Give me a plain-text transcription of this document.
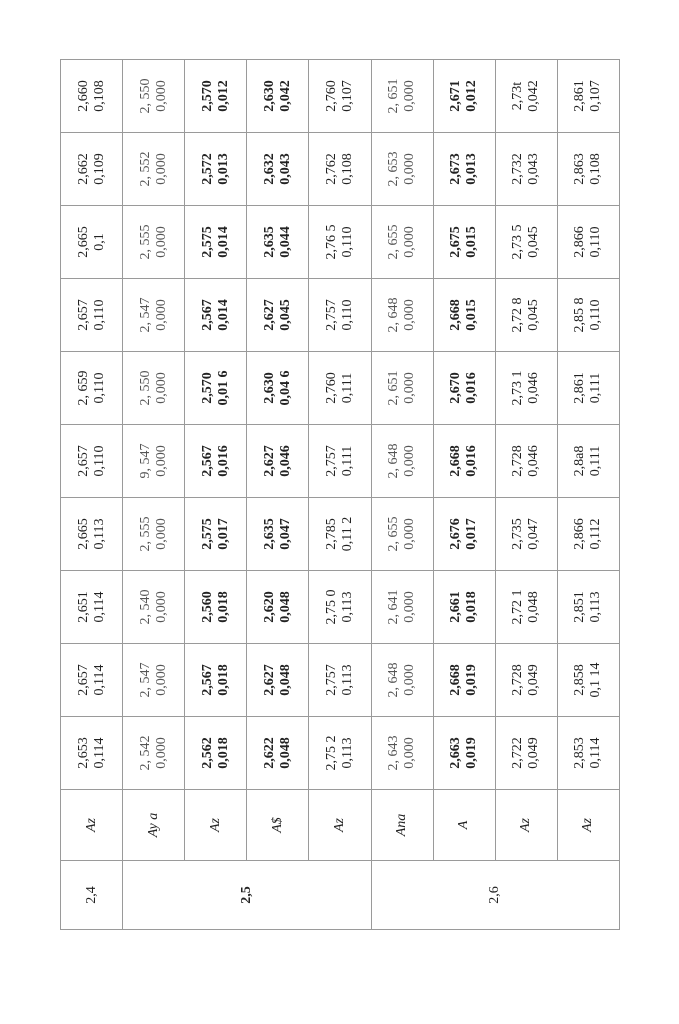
2,4	Az	2,653 0,114	2,657 0,114	2,651 0,114	2,665 0,113	2,657 0,110	2, 659 0,110	2,657 0,110	2,665 0,1	2,662 0,109	2,660 0,108

2,5	Ay a	2, 542 0,000	2, 547 0,000	2, 540 0,000	2, 555 0,000	9, 547 0,000	2, 550 0,000	2, 547 0,000	2, 555 0,000	2, 552 0,000	2, 550 0,000

	Az	2,562 0,018	2,567 0,018	2,560 0,018	2,575 0,017	2,567 0,016	2,570 0,01 6	2,567 0,014	2,575 0,014	2,572 0,013	2,570 0,012

	A$	2,622 0,048	2,627 0,048	2,620 0,048	2,635 0,047	2,627 0,046	2,630 0,04 6	2,627 0,045	2,635 0,044	2,632 0,043	2,630 0,042

	Az	2,75 2 0,113	2,757 0,113	2,75 0 0,113	2,785 0,11 2	2,757 0,111	2,760 0,111	2,757 0,110	2,76 5 0,110	2,762 0,108	2,760 0,107

2,6	Ana	2, 643 0,000	2, 648 0,000	2, 641 0,000	2, 655 0,000	2, 648 0,000	2, 651 0,000	2, 648 0,000	2, 655 0,000	2, 653 0,000	2, 651 0,000

	A	2,663 0,019	2,668 0,019	2,661 0,018	2,676 0,017	2,668 0,016	2,670 0,016	2,668 0,015	2,675 0,015	2,673 0,013	2,671 0,012

	Az	2,722 0,049	2,728 0,049	2,72 1 0,048	2,735 0,047	2,728 0,046	2,73 1 0,046	2,72 8 0,045	2,73 5 0,045	2,732 0,043	2,73t 0,042

	Az	2,853 0,114	2,858 0,1 14	2,851 0,113	2,866 0,112	2,8a8 0,111	2,861 0,111	2,85 8 0,110	2,866 0,110	2,863 0,108	2,861 0,107
